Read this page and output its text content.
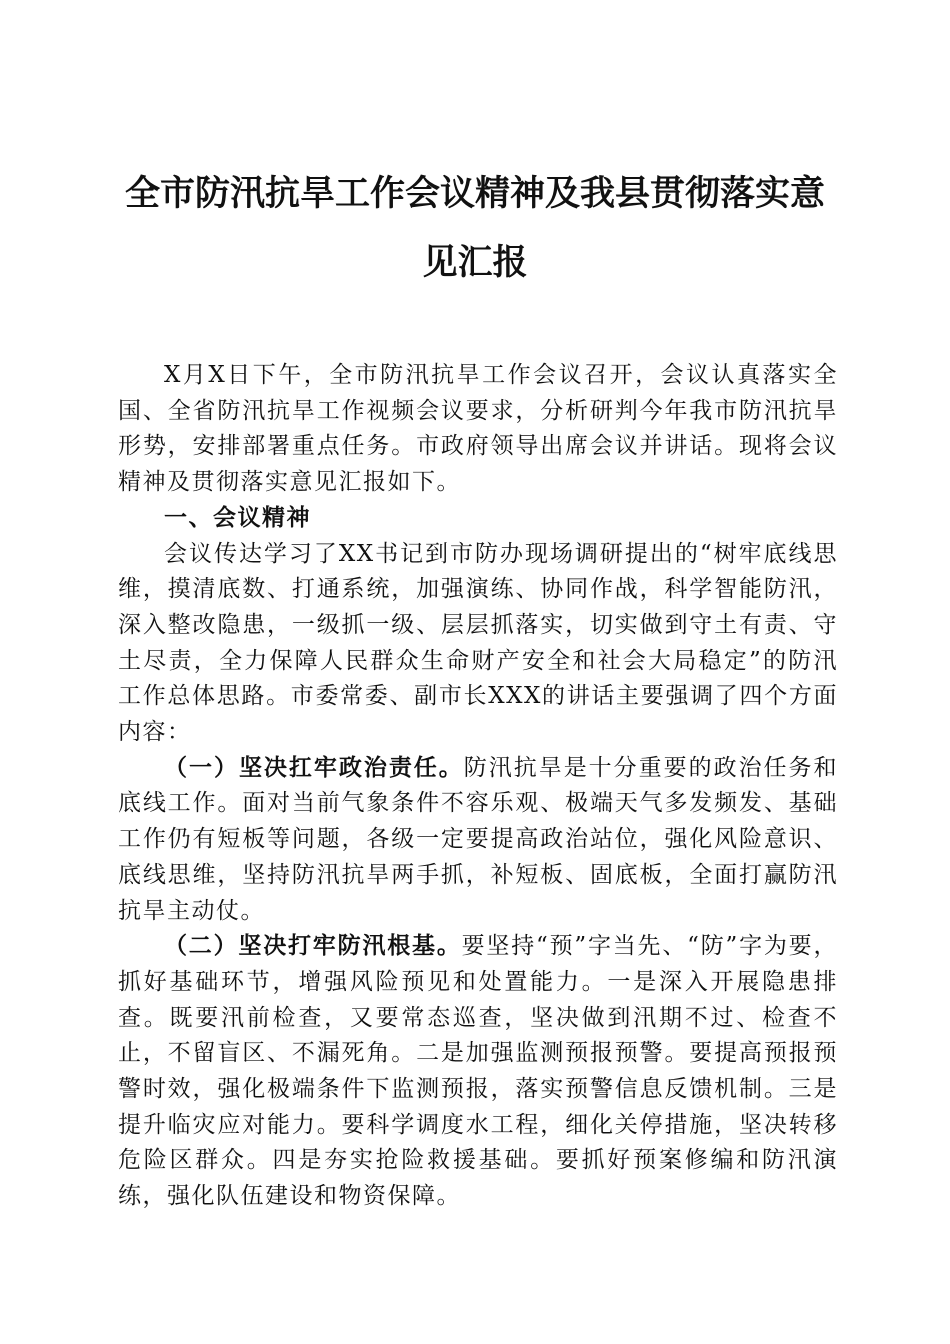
全市防汛抗旱工作会议精神及我县贯彻落实意
见汇报

X月X日下午，全市防汛抗旱工作会议召开，会议认真落实全国、全省防汛抗旱工作视频会议要求，分析研判今年我市防汛抗旱形势，安排部署重点任务。市政府领导出席会议并讲话。现将会议精神及贯彻落实意见汇报如下。

一、会议精神

会议传达学习了XX书记到市防办现场调研提出的“树牢底线思维，摸清底数、打通系统，加强演练、协同作战，科学智能防汛，深入整改隐患，一级抓一级、层层抓落实，切实做到守土有责、守土尽责，全力保障人民群众生命财产安全和社会大局稳定”的防汛工作总体思路。市委常委、副市长XXX的讲话主要强调了四个方面内容：

（一）坚决扛牢政治责任。防汛抗旱是十分重要的政治任务和底线工作。面对当前气象条件不容乐观、极端天气多发频发、基础工作仍有短板等问题，各级一定要提高政治站位，强化风险意识、底线思维，坚持防汛抗旱两手抓，补短板、固底板，全面打赢防汛抗旱主动仗。

（二）坚决打牢防汛根基。要坚持“预”字当先、“防”字为要，抓好基础环节，增强风险预见和处置能力。一是深入开展隐患排查。既要汛前检查，又要常态巡查，坚决做到汛期不过、检查不止，不留盲区、不漏死角。二是加强监测预报预警。要提高预报预警时效，强化极端条件下监测预报，落实预警信息反馈机制。三是提升临灾应对能力。要科学调度水工程，细化关停措施，坚决转移危险区群众。四是夯实抢险救援基础。要抓好预案修编和防汛演练，强化队伍建设和物资保障。
